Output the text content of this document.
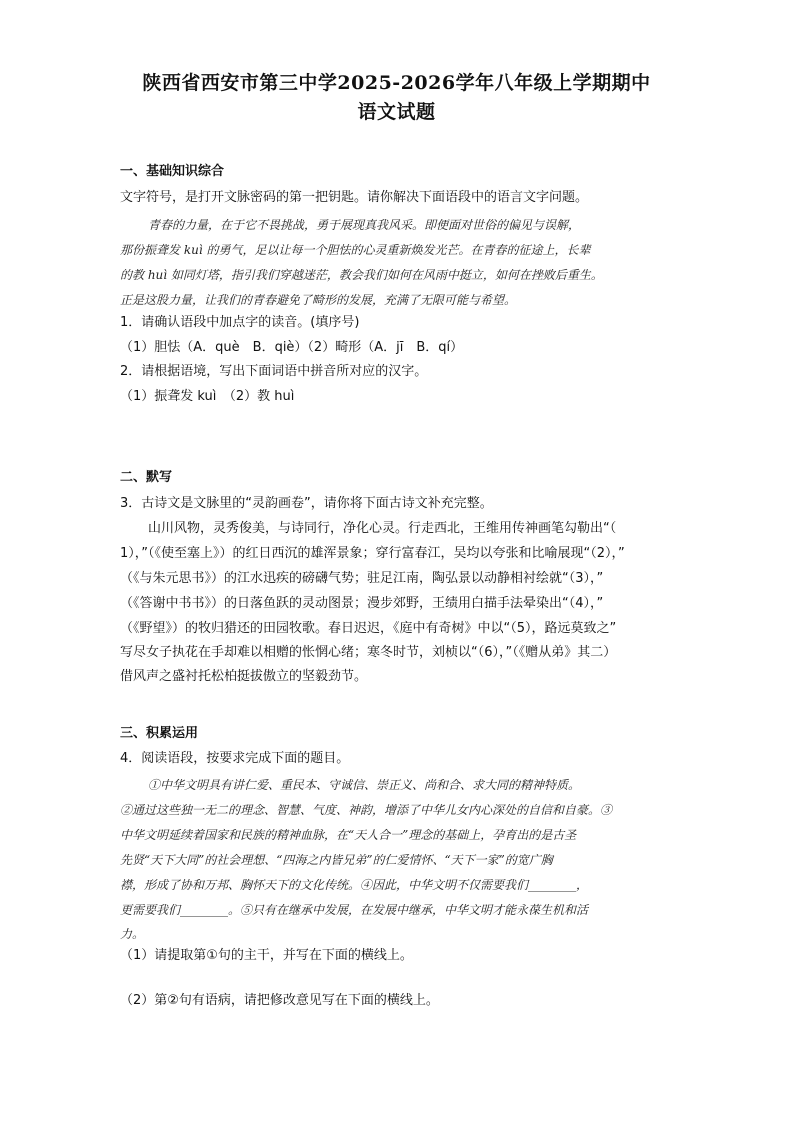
陕西省西安市第三中学2025-2026学年八年级上学期期中
语文试题
一、基础知识综合
文字符号，是打开文脉密码的第一把钥匙。请你解决下面语段中的语言文字问题。
青春的力量，在于它不畏挑战，勇于展现真我风采。即便面对世俗的偏见与误解，
那份振聋发 kuì 的勇气，足以让每一个胆怯的心灵重新焕发光芒。在青春的征途上，长辈
的教 huì 如同灯塔，指引我们穿越迷茫，教会我们如何在风雨中挺立，如何在挫败后重生。
正是这股力量，让我们的青春避免了畸形的发展，充满了无限可能与希望。
1．请确认语段中加点字的读音。(填序号)
（1）胆怯（A．què　B．qiè）（2）畸形（A．jī　B．qí）
2．请根据语境，写出下面词语中拼音所对应的汉字。
（1）振聋发 kuì　（2）教 huì
二、默写
3．古诗文是文脉里的“灵韵画卷”，请你将下面古诗文补充完整。
山川风物，灵秀俊美，与诗同行，净化心灵。行走西北，王维用传神画笔勾勒出“（
1），”（《使至塞上》）的红日西沉的雄浑景象；穿行富春江，吴均以夸张和比喻展现“（2），”
（《与朱元思书》）的江水迅疾的磅礴气势；驻足江南，陶弘景以动静相衬绘就“（3），”
（《答谢中书书》）的日落鱼跃的灵动图景；漫步郊野，王绩用白描手法晕染出“（4），”
（《野望》）的牧归猎还的田园牧歌。春日迟迟，《庭中有奇树》中以“（5），路远莫致之”
写尽女子执花在手却难以相赠的怅惘心绪；寒冬时节，刘桢以“（6），”（《赠从弟》其二）
借风声之盛衬托松柏挺拔傲立的坚毅劲节。
三、积累运用
4．阅读语段，按要求完成下面的题目。
①中华文明具有讲仁爱、重民本、守诚信、崇正义、尚和合、求大同的精神特质。
②通过这些独一无二的理念、智慧、气度、神韵，增添了中华儿女内心深处的自信和自豪。③
中华文明延续着国家和民族的精神血脉，在“天人合一”理念的基础上，孕育出的是古圣
先贤“天下大同”的社会理想、“四海之内皆兄弟”的仁爱情怀、“天下一家”的宽广胸
襟，形成了协和万邦、胸怀天下的文化传统。④因此，中华文明不仅需要我们________，
更需要我们________。⑤只有在继承中发展，在发展中继承，中华文明才能永葆生机和活
力。
（1）请提取第①句的主干，并写在下面的横线上。
（2）第②句有语病，请把修改意见写在下面的横线上。
